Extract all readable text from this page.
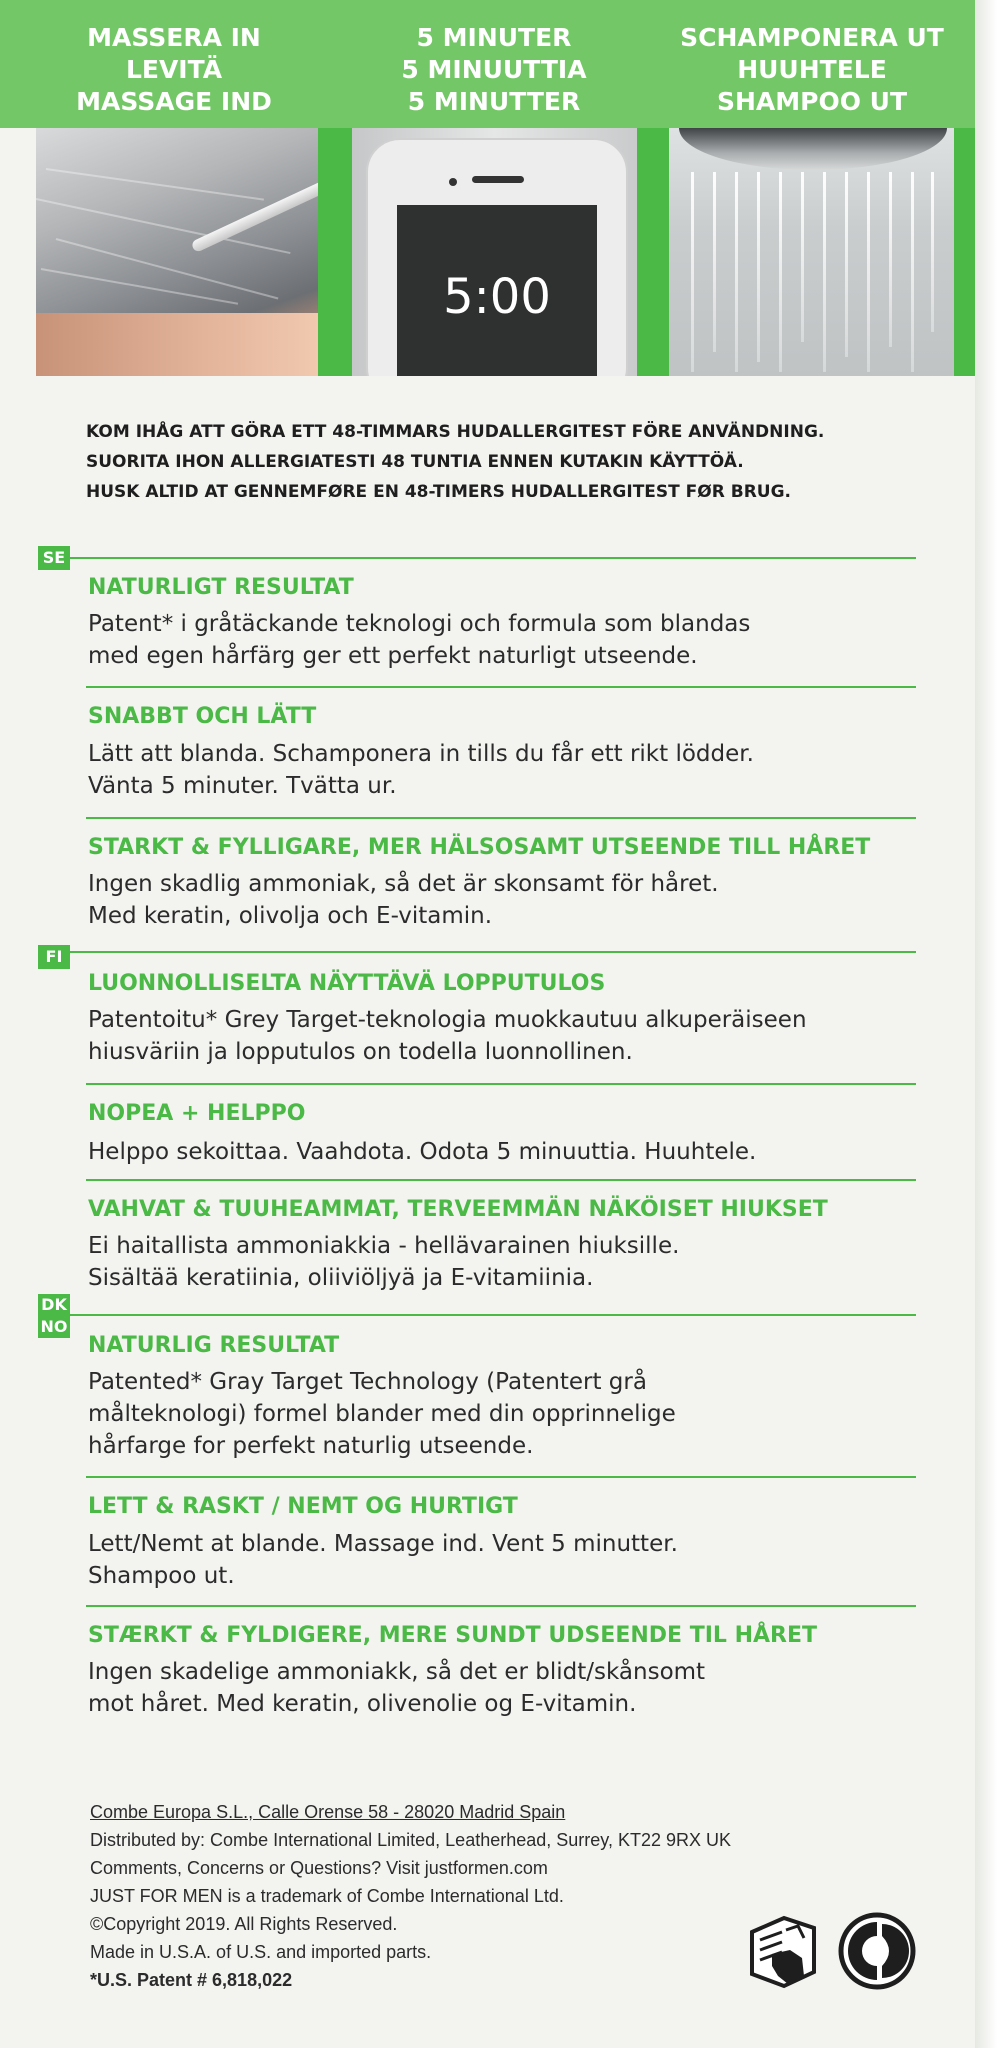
MASSERA IN
LEVITÄ
MASSAGE IND
5 MINUTER
5 MINUUTTIA
5 MINUTTER
SCHAMPONERA UT
HUUHTELE
SHAMPOO UT
5:00
KOM IHÅG ATT GÖRA ETT 48-TIMMARS HUDALLERGITEST FÖRE ANVÄNDNING.
SUORITA IHON ALLERGIATESTI 48 TUNTIA ENNEN KUTAKIN KÄYTTÖÄ.
HUSK ALTID AT GENNEMFØRE EN 48-TIMERS HUDALLERGITEST FØR BRUG.
SE
NATURLIGT RESULTAT
Patent* i gråtäckande teknologi och formula som blandas
med egen hårfärg ger ett perfekt naturligt utseende.
SNABBT OCH LÄTT
Lätt att blanda. Schamponera in tills du får ett rikt lödder.
Vänta 5 minuter. Tvätta ur.
STARKT & FYLLIGARE, MER HÄLSOSAMT UTSEENDE TILL HÅRET
Ingen skadlig ammoniak, så det är skonsamt för håret.
Med keratin, olivolja och E-vitamin.
FI
LUONNOLLISELTA NÄYTTÄVÄ LOPPUTULOS
Patentoitu* Grey Target-teknologia muokkautuu alkuperäiseen
hiusväriin ja lopputulos on todella luonnollinen.
NOPEA + HELPPO
Helppo sekoittaa. Vaahdota. Odota 5 minuuttia. Huuhtele.
VAHVAT & TUUHEAMMAT, TERVEEMMÄN NÄKÖISET HIUKSET
Ei haitallista ammoniakkia - hellävarainen hiuksille.
Sisältää keratiinia, oliiviöljyä ja E-vitamiinia.
DK
NO
NATURLIG RESULTAT
Patented* Gray Target Technology (Patentert grå
målteknologi) formel blander med din opprinnelige
hårfarge for perfekt naturlig utseende.
LETT & RASKT / NEMT OG HURTIGT
Lett/Nemt at blande. Massage ind. Vent 5 minutter.
Shampoo ut.
STÆRKT & FYLDIGERE, MERE SUNDT UDSEENDE TIL HÅRET
Ingen skadelige ammoniakk, så det er blidt/skånsomt
mot håret. Med keratin, olivenolie og E-vitamin.
Combe Europa S.L., Calle Orense 58 - 28020 Madrid Spain
Distributed by: Combe International Limited, Leatherhead, Surrey, KT22 9RX UK
Comments, Concerns or Questions? Visit justformen.com
JUST FOR MEN is a trademark of Combe International Ltd.
©Copyright 2019. All Rights Reserved.
Made in U.S.A. of U.S. and imported parts.
*U.S. Patent # 6,818,022
